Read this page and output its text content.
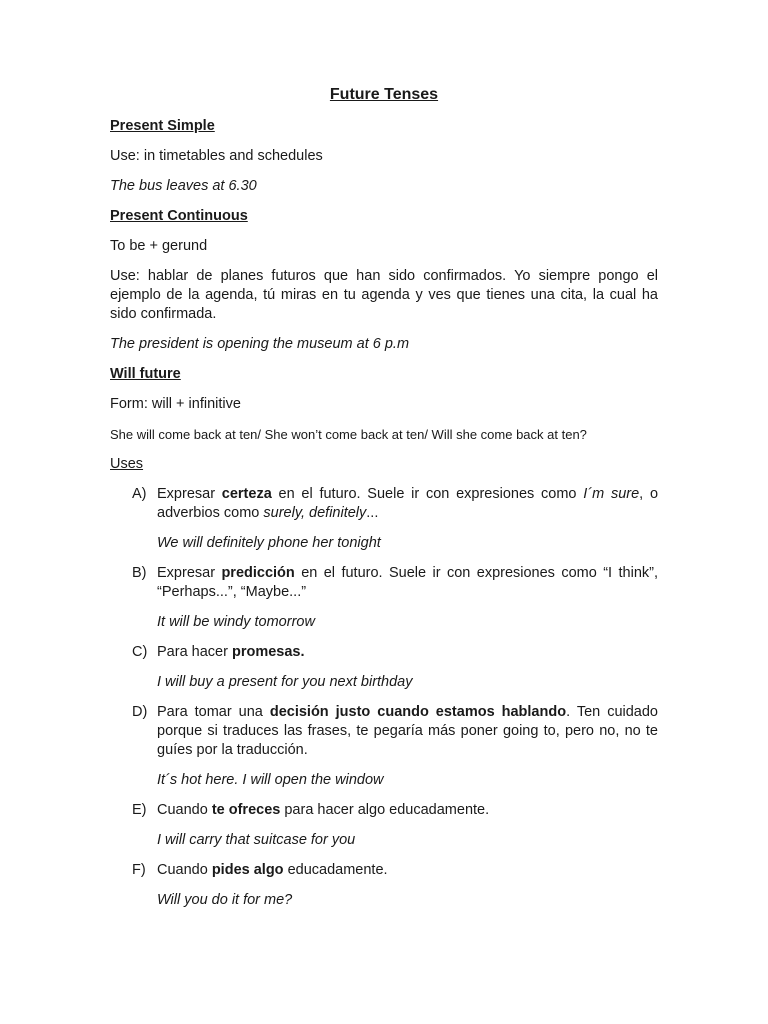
Future Tenses
Present Simple
Use: in timetables and schedules
The bus leaves at 6.30
Present Continuous
To be + gerund
Use: hablar de planes futuros que han sido confirmados. Yo siempre pongo el ejemplo de la agenda, tú miras en tu agenda y ves que tienes una cita, la cual ha sido confirmada.
The president is opening the museum at 6 p.m
Will future
Form: will + infinitive
She will come back at ten/ She won’t come back at ten/ Will she come back at ten?
Uses
A) Expresar certeza en el futuro. Suele ir con expresiones como I´m sure, o adverbios como surely, definitely...
We will definitely phone her tonight
B) Expresar predicción en el futuro. Suele ir con expresiones como “I think”, “Perhaps...”, “Maybe...”
It will be windy tomorrow
C) Para hacer promesas.
I will buy a present for you next birthday
D) Para tomar una decisión justo cuando estamos hablando. Ten cuidado porque si traduces las frases, te pegaría más poner going to, pero no, no te guíes por la traducción.
It´s hot here. I will open the window
E) Cuando te ofreces para hacer algo educadamente.
I will carry that suitcase for you
F) Cuando pides algo educadamente.
Will you do it for me?
